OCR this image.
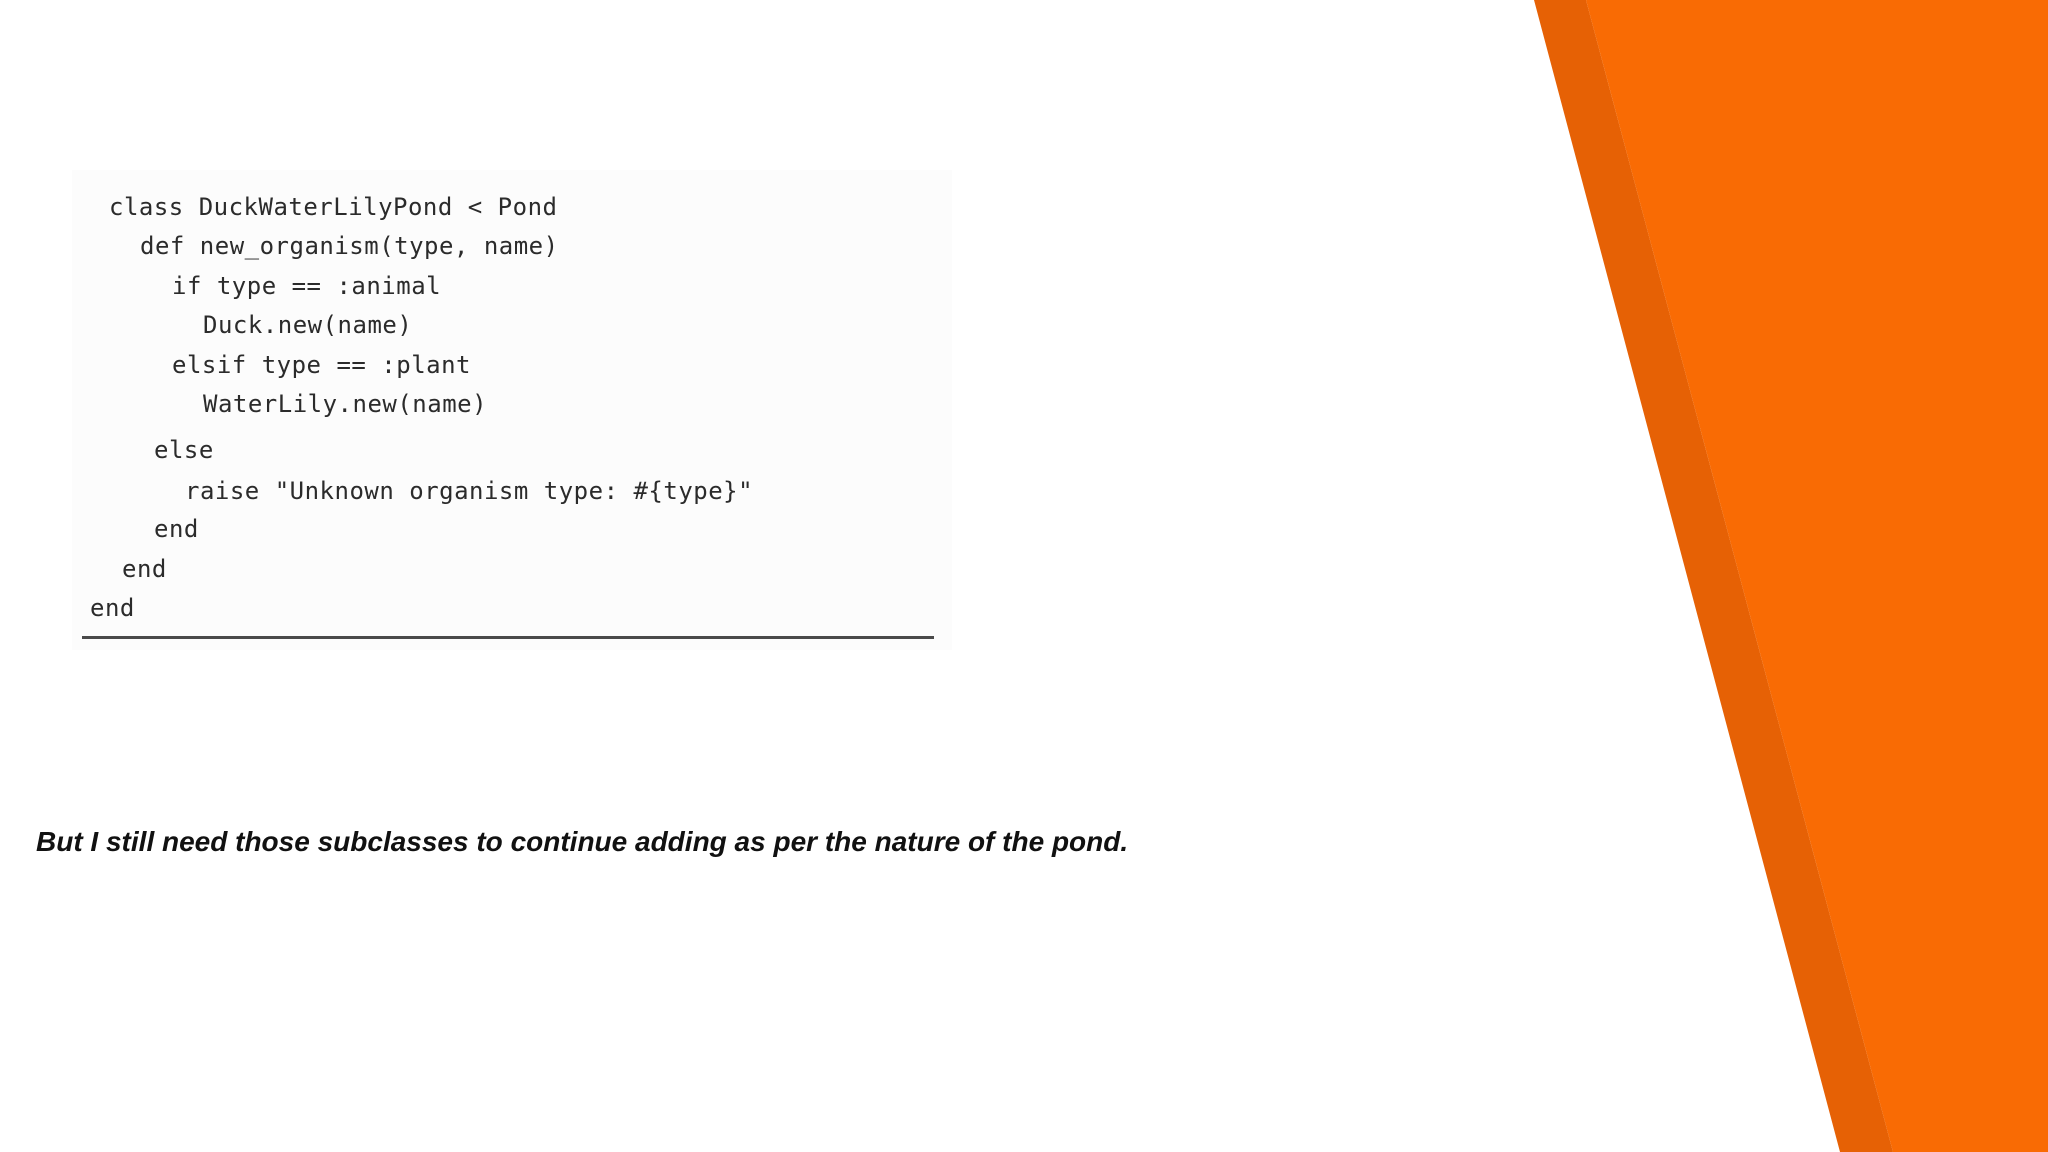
class DuckWaterLilyPond < Pond
def new_organism(type, name)
if type == :animal
Duck.new(name)
elsif type == :plant
WaterLily.new(name)
else
raise "Unknown organism type: #{type}"
end
end
end
But I still need those subclasses to continue adding as per the nature of the pond.
